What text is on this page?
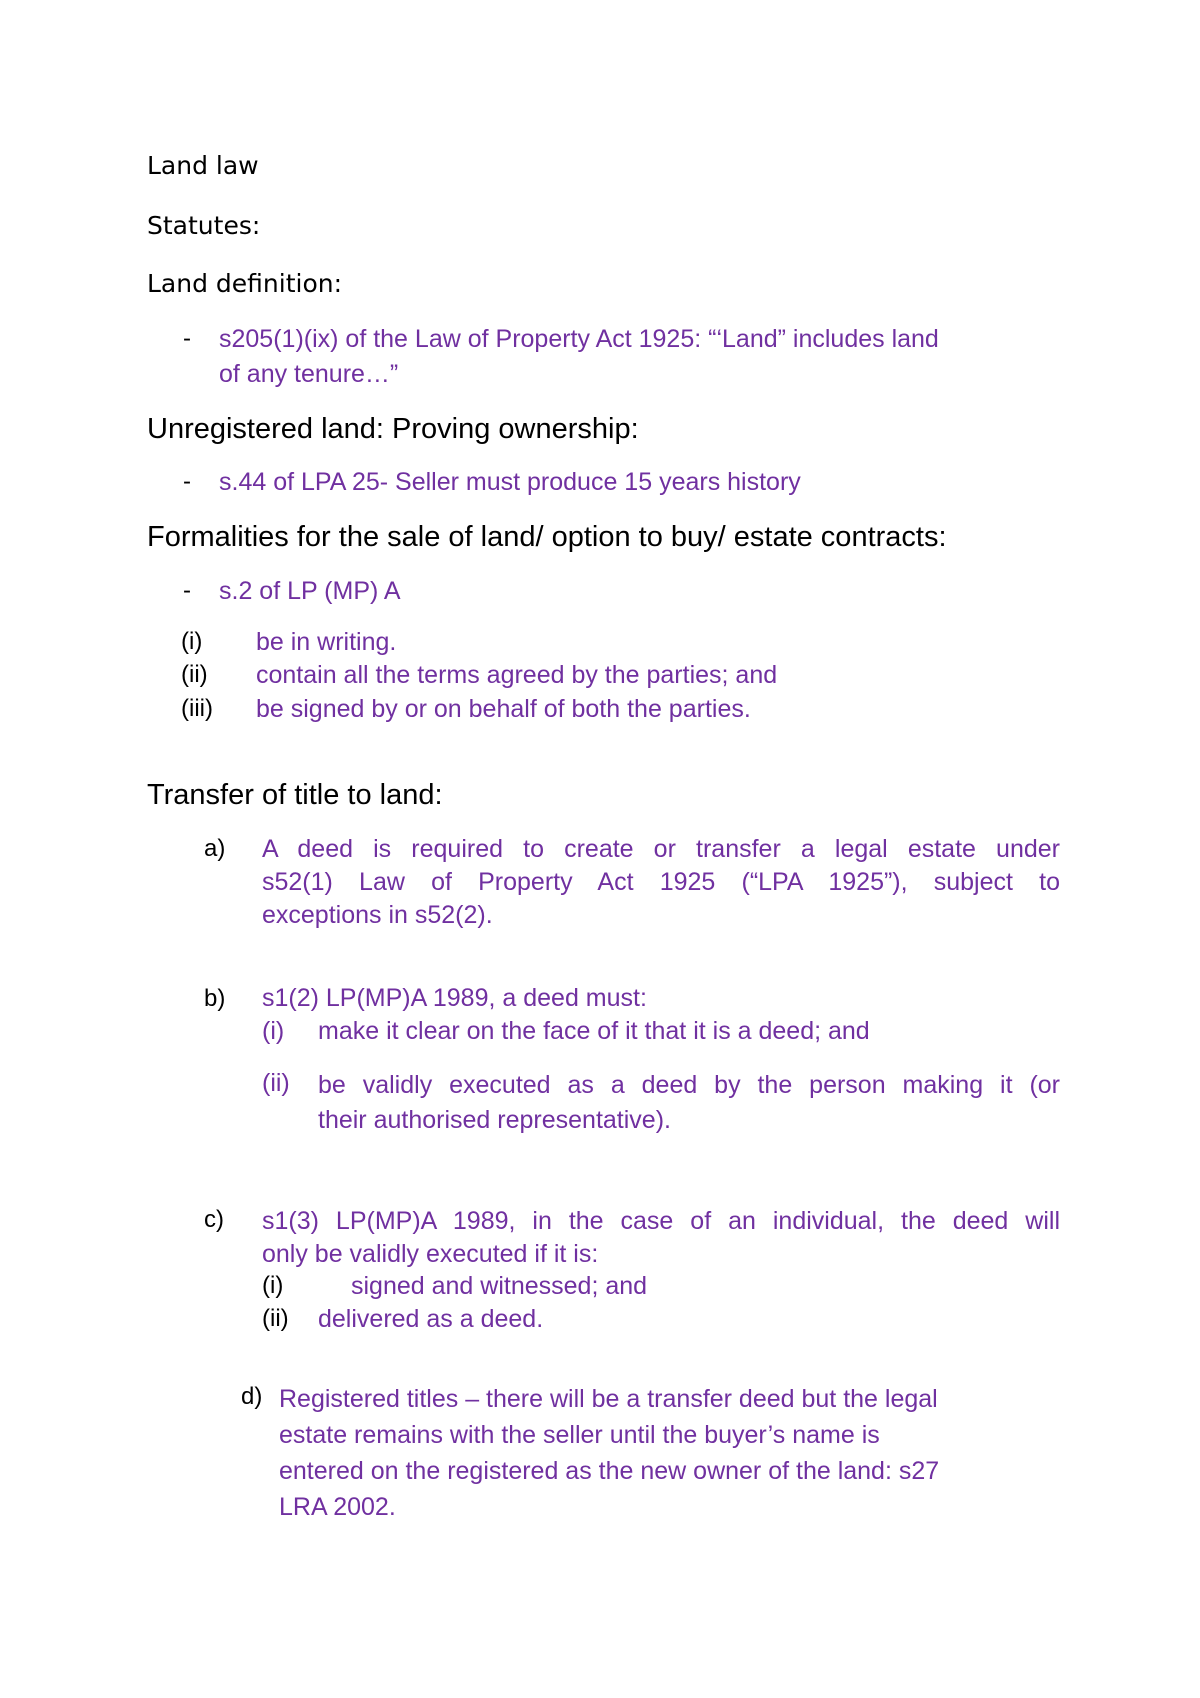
Land law
Statutes:
Land definition:
- s205(1)(ix) of the Law of Property Act 1925: “‘Land” includes land
of any tenure…”
Unregistered land: Proving ownership:
- s.44 of LPA 25- Seller must produce 15 years history
Formalities for the sale of land/ option to buy/ estate contracts:
- s.2 of LP (MP) A
(i) be in writing.
(ii) contain all the terms agreed by the parties; and
(iii) be signed by or on behalf of both the parties.
Transfer of title to land:
a) A deed is required to create or transfer a legal estate under
s52(1) Law of Property Act 1925 (“LPA 1925”), subject to
exceptions in s52(2).
b) s1(2) LP(MP)A 1989, a deed must:
(i) make it clear on the face of it that it is a deed; and
(ii) be validly executed as a deed by the person making it (or
their authorised representative).
c) s1(3) LP(MP)A 1989, in the case of an individual, the deed will
only be validly executed if it is:
(i)	signed and witnessed; and
(ii) delivered as a deed.
d) Registered titles – there will be a transfer deed but the legal
estate remains with the seller until the buyer’s name is
entered on the registered as the new owner of the land: s27
LRA 2002.
